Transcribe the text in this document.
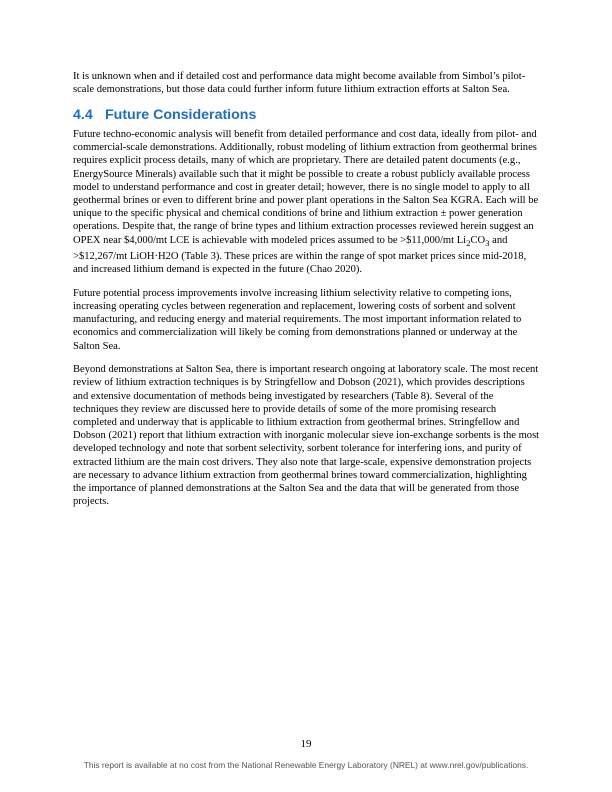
It is unknown when and if detailed cost and performance data might become available from Simbol’s pilot-scale demonstrations, but those data could further inform future lithium extraction efforts at Salton Sea.

4.4 Future Considerations

Future techno-economic analysis will benefit from detailed performance and cost data, ideally from pilot- and commercial-scale demonstrations. Additionally, robust modeling of lithium extraction from geothermal brines requires explicit process details, many of which are proprietary. There are detailed patent documents (e.g., EnergySource Minerals) available such that it might be possible to create a robust publicly available process model to understand performance and cost in greater detail; however, there is no single model to apply to all geothermal brines or even to different brine and power plant operations in the Salton Sea KGRA. Each will be unique to the specific physical and chemical conditions of brine and lithium extraction ± power generation operations. Despite that, the range of brine types and lithium extraction processes reviewed herein suggest an OPEX near $4,000/mt LCE is achievable with modeled prices assumed to be >$11,000/mt $Li_2CO_3$ and >$12,267/mt LiOH·H2O (Table 3). These prices are within the range of spot market prices since mid-2018, and increased lithium demand is expected in the future (Chao 2020).

Future potential process improvements involve increasing lithium selectivity relative to competing ions, increasing operating cycles between regeneration and replacement, lowering costs of sorbent and solvent manufacturing, and reducing energy and material requirements. The most important information related to economics and commercialization will likely be coming from demonstrations planned or underway at the Salton Sea.

Beyond demonstrations at Salton Sea, there is important research ongoing at laboratory scale. The most recent review of lithium extraction techniques is by Stringfellow and Dobson (2021), which provides descriptions and extensive documentation of methods being investigated by researchers (Table 8). Several of the techniques they review are discussed here to provide details of some of the more promising research completed and underway that is applicable to lithium extraction from geothermal brines. Stringfellow and Dobson (2021) report that lithium extraction with inorganic molecular sieve ion-exchange sorbents is the most developed technology and note that sorbent selectivity, sorbent tolerance for interfering ions, and purity of extracted lithium are the main cost drivers. They also note that large-scale, expensive demonstration projects are necessary to advance lithium extraction from geothermal brines toward commercialization, highlighting the importance of planned demonstrations at the Salton Sea and the data that will be generated from those projects.

19
This report is available at no cost from the National Renewable Energy Laboratory (NREL) at www.nrel.gov/publications.
